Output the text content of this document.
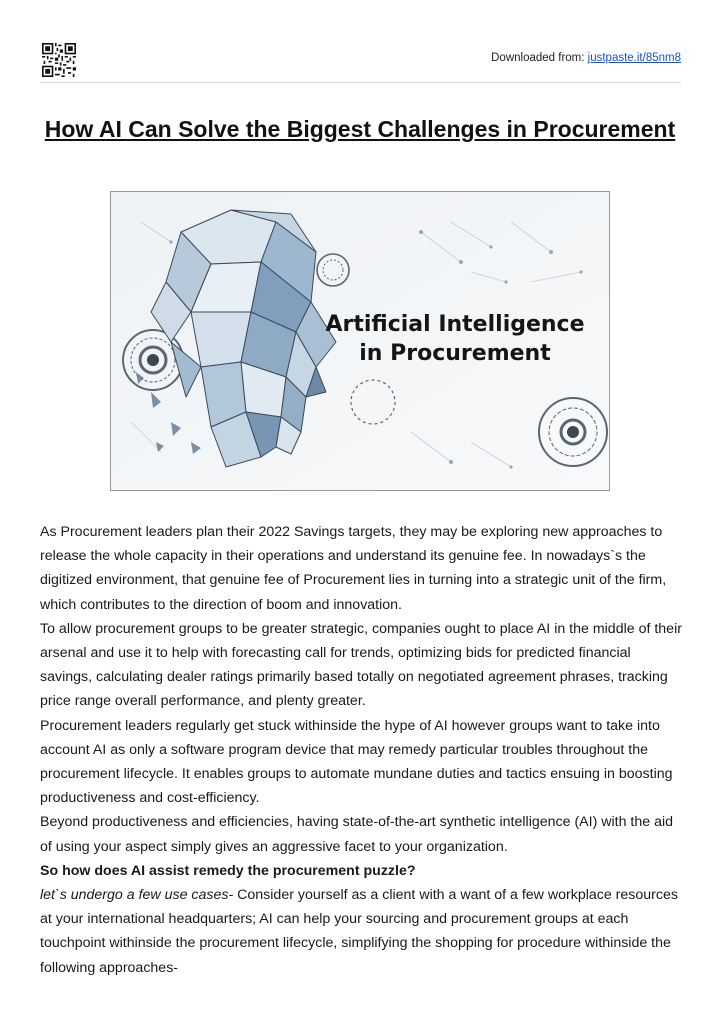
Downloaded from: justpaste.it/85nm8
How AI Can Solve the Biggest Challenges in Procurement
Artificial Intelligence
in Procurement

As Procurement leaders plan their 2022 Savings targets, they may be exploring new approaches to release the whole capacity in their operations and understand its genuine fee. In nowadays`s the digitized environment, that genuine fee of Procurement lies in turning into a strategic unit of the firm, which contributes to the direction of boom and innovation.

To allow procurement groups to be greater strategic, companies ought to place AI in the middle of their arsenal and use it to help with forecasting call for trends, optimizing bids for predicted financial savings, calculating dealer ratings primarily based totally on negotiated agreement phrases, tracking price range overall performance, and plenty greater.

Procurement leaders regularly get stuck withinside the hype of AI however groups want to take into account AI as only a software program device that may remedy particular troubles throughout the procurement lifecycle. It enables groups to automate mundane duties and tactics ensuing in boosting productiveness and cost-efficiency.

Beyond productiveness and efficiencies, having state-of-the-art synthetic intelligence (AI) with the aid of using your aspect simply gives an aggressive facet to your organization.

So how does AI assist remedy the procurement puzzle?

let`s undergo a few use cases- Consider yourself as a client with a want of a few workplace resources at your international headquarters; AI can help your sourcing and procurement groups at each touchpoint withinside the procurement lifecycle, simplifying the shopping for procedure withinside the following approaches-
